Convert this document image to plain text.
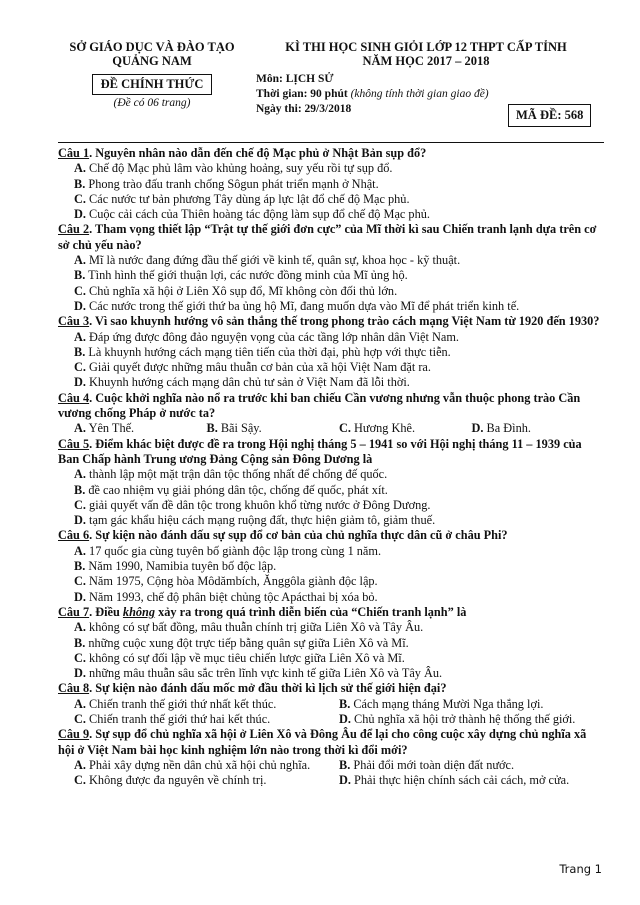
SỞ GIÁO DỤC VÀ ĐÀO TẠO
QUẢNG NAM
ĐỀ CHÍNH THỨC
(Đề có 06 trang)
KÌ THI HỌC SINH GIỎI LỚP 12 THPT CẤP TỈNH
NĂM HỌC 2017 – 2018
Môn: LỊCH SỬ
Thời gian: 90 phút (không tính thời gian giao đề)
Ngày thi: 29/3/2018	MÃ ĐỀ: 568
Câu 1. Nguyên nhân nào dẫn đến chế độ Mạc phủ ở Nhật Bản sụp đổ?
A. Chế độ Mạc phủ lâm vào khủng hoảng, suy yếu rồi tự sụp đổ.
B. Phong trào đấu tranh chống Sôgun phát triển mạnh ở Nhật.
C. Các nước tư bản phương Tây dùng áp lực lật đổ chế độ Mạc phủ.
D. Cuộc cải cách của Thiên hoàng tác động làm sụp đổ chế độ Mạc phủ.
Câu 2. Tham vọng thiết lập “Trật tự thế giới đơn cực” của Mĩ thời kì sau Chiến tranh lạnh dựa trên cơ sở chủ yếu nào?
A. Mĩ là nước đang đứng đầu thế giới về kinh tế, quân sự, khoa học - kỹ thuật.
B. Tình hình thế giới thuận lợi, các nước đồng minh của Mĩ ủng hộ.
C. Chủ nghĩa xã hội ở Liên Xô sụp đổ, Mĩ không còn đối thủ lớn.
D. Các nước trong thế giới thứ ba ủng hộ Mĩ, đang muốn dựa vào Mĩ để phát triển kinh tế.
Câu 3. Vì sao khuynh hướng vô sản thắng thế trong phong trào cách mạng Việt Nam từ 1920 đến 1930?
A. Đáp ứng được đông đảo nguyện vọng của các tầng lớp nhân dân Việt Nam.
B. Là khuynh hướng cách mạng tiên tiến của thời đại, phù hợp với thực tiễn.
C. Giải quyết được những mâu thuẫn cơ bản của xã hội Việt Nam đặt ra.
D. Khuynh hướng cách mạng dân chủ tư sản ở Việt Nam đã lỗi thời.
Câu 4. Cuộc khởi nghĩa nào nổ ra trước khi ban chiếu Cần vương nhưng vẫn thuộc phong trào Cần vương chống Pháp ở nước ta?
A. Yên Thế.	B. Bãi Sậy.	C. Hương Khê.	D. Ba Đình.
Câu 5. Điểm khác biệt được đề ra trong Hội nghị tháng 5 – 1941 so với Hội nghị tháng 11 – 1939 của Ban Chấp hành Trung ương Đảng Cộng sản Đông Dương là
A. thành lập một mặt trận dân tộc thống nhất để chống đế quốc.
B. đề cao nhiệm vụ giải phóng dân tộc, chống đế quốc, phát xít.
C. giải quyết vấn đề dân tộc trong khuôn khổ từng nước ở Đông Dương.
D. tạm gác khẩu hiệu cách mạng ruộng đất, thực hiện giảm tô, giảm thuế.
Câu 6. Sự kiện nào đánh dấu sự sụp đổ cơ bản của chủ nghĩa thực dân cũ ở châu Phi?
A. 17 quốc gia cùng tuyên bố giành độc lập trong cùng 1 năm.
B. Năm 1990, Namibia tuyên bố độc lập.
C. Năm 1975, Cộng hòa Môdămbích, Ănggôla giành độc lập.
D. Năm 1993, chế độ phân biệt chủng tộc Apácthai bị xóa bỏ.
Câu 7. Điều không xảy ra trong quá trình diễn biến của “Chiến tranh lạnh” là
A. không có sự bất đồng, mâu thuẫn chính trị giữa Liên Xô và Tây Âu.
B. những cuộc xung đột trực tiếp bằng quân sự giữa Liên Xô và Mĩ.
C. không có sự đối lập về mục tiêu chiến lược giữa Liên Xô và Mĩ.
D. những mâu thuẫn sâu sắc trên lĩnh vực kinh tế giữa Liên Xô và Tây Âu.
Câu 8. Sự kiện nào đánh dấu mốc mở đầu thời kì lịch sử thế giới hiện đại?
A. Chiến tranh thế giới thứ nhất kết thúc.	B. Cách mạng tháng Mười Nga thắng lợi.
C. Chiến tranh thế giới thứ hai kết thúc.	D. Chủ nghĩa xã hội trở thành hệ thống thế giới.
Câu 9. Sự sụp đổ chủ nghĩa xã hội ở Liên Xô và Đông Âu để lại cho công cuộc xây dựng chủ nghĩa xã hội ở Việt Nam bài học kinh nghiệm lớn nào trong thời kì đổi mới?
A. Phải xây dựng nền dân chủ xã hội chủ nghĩa.	B. Phải đổi mới toàn diện đất nước.
C. Không được đa nguyên về chính trị.	D. Phải thực hiện chính sách cải cách, mở cửa.
Trang 1
